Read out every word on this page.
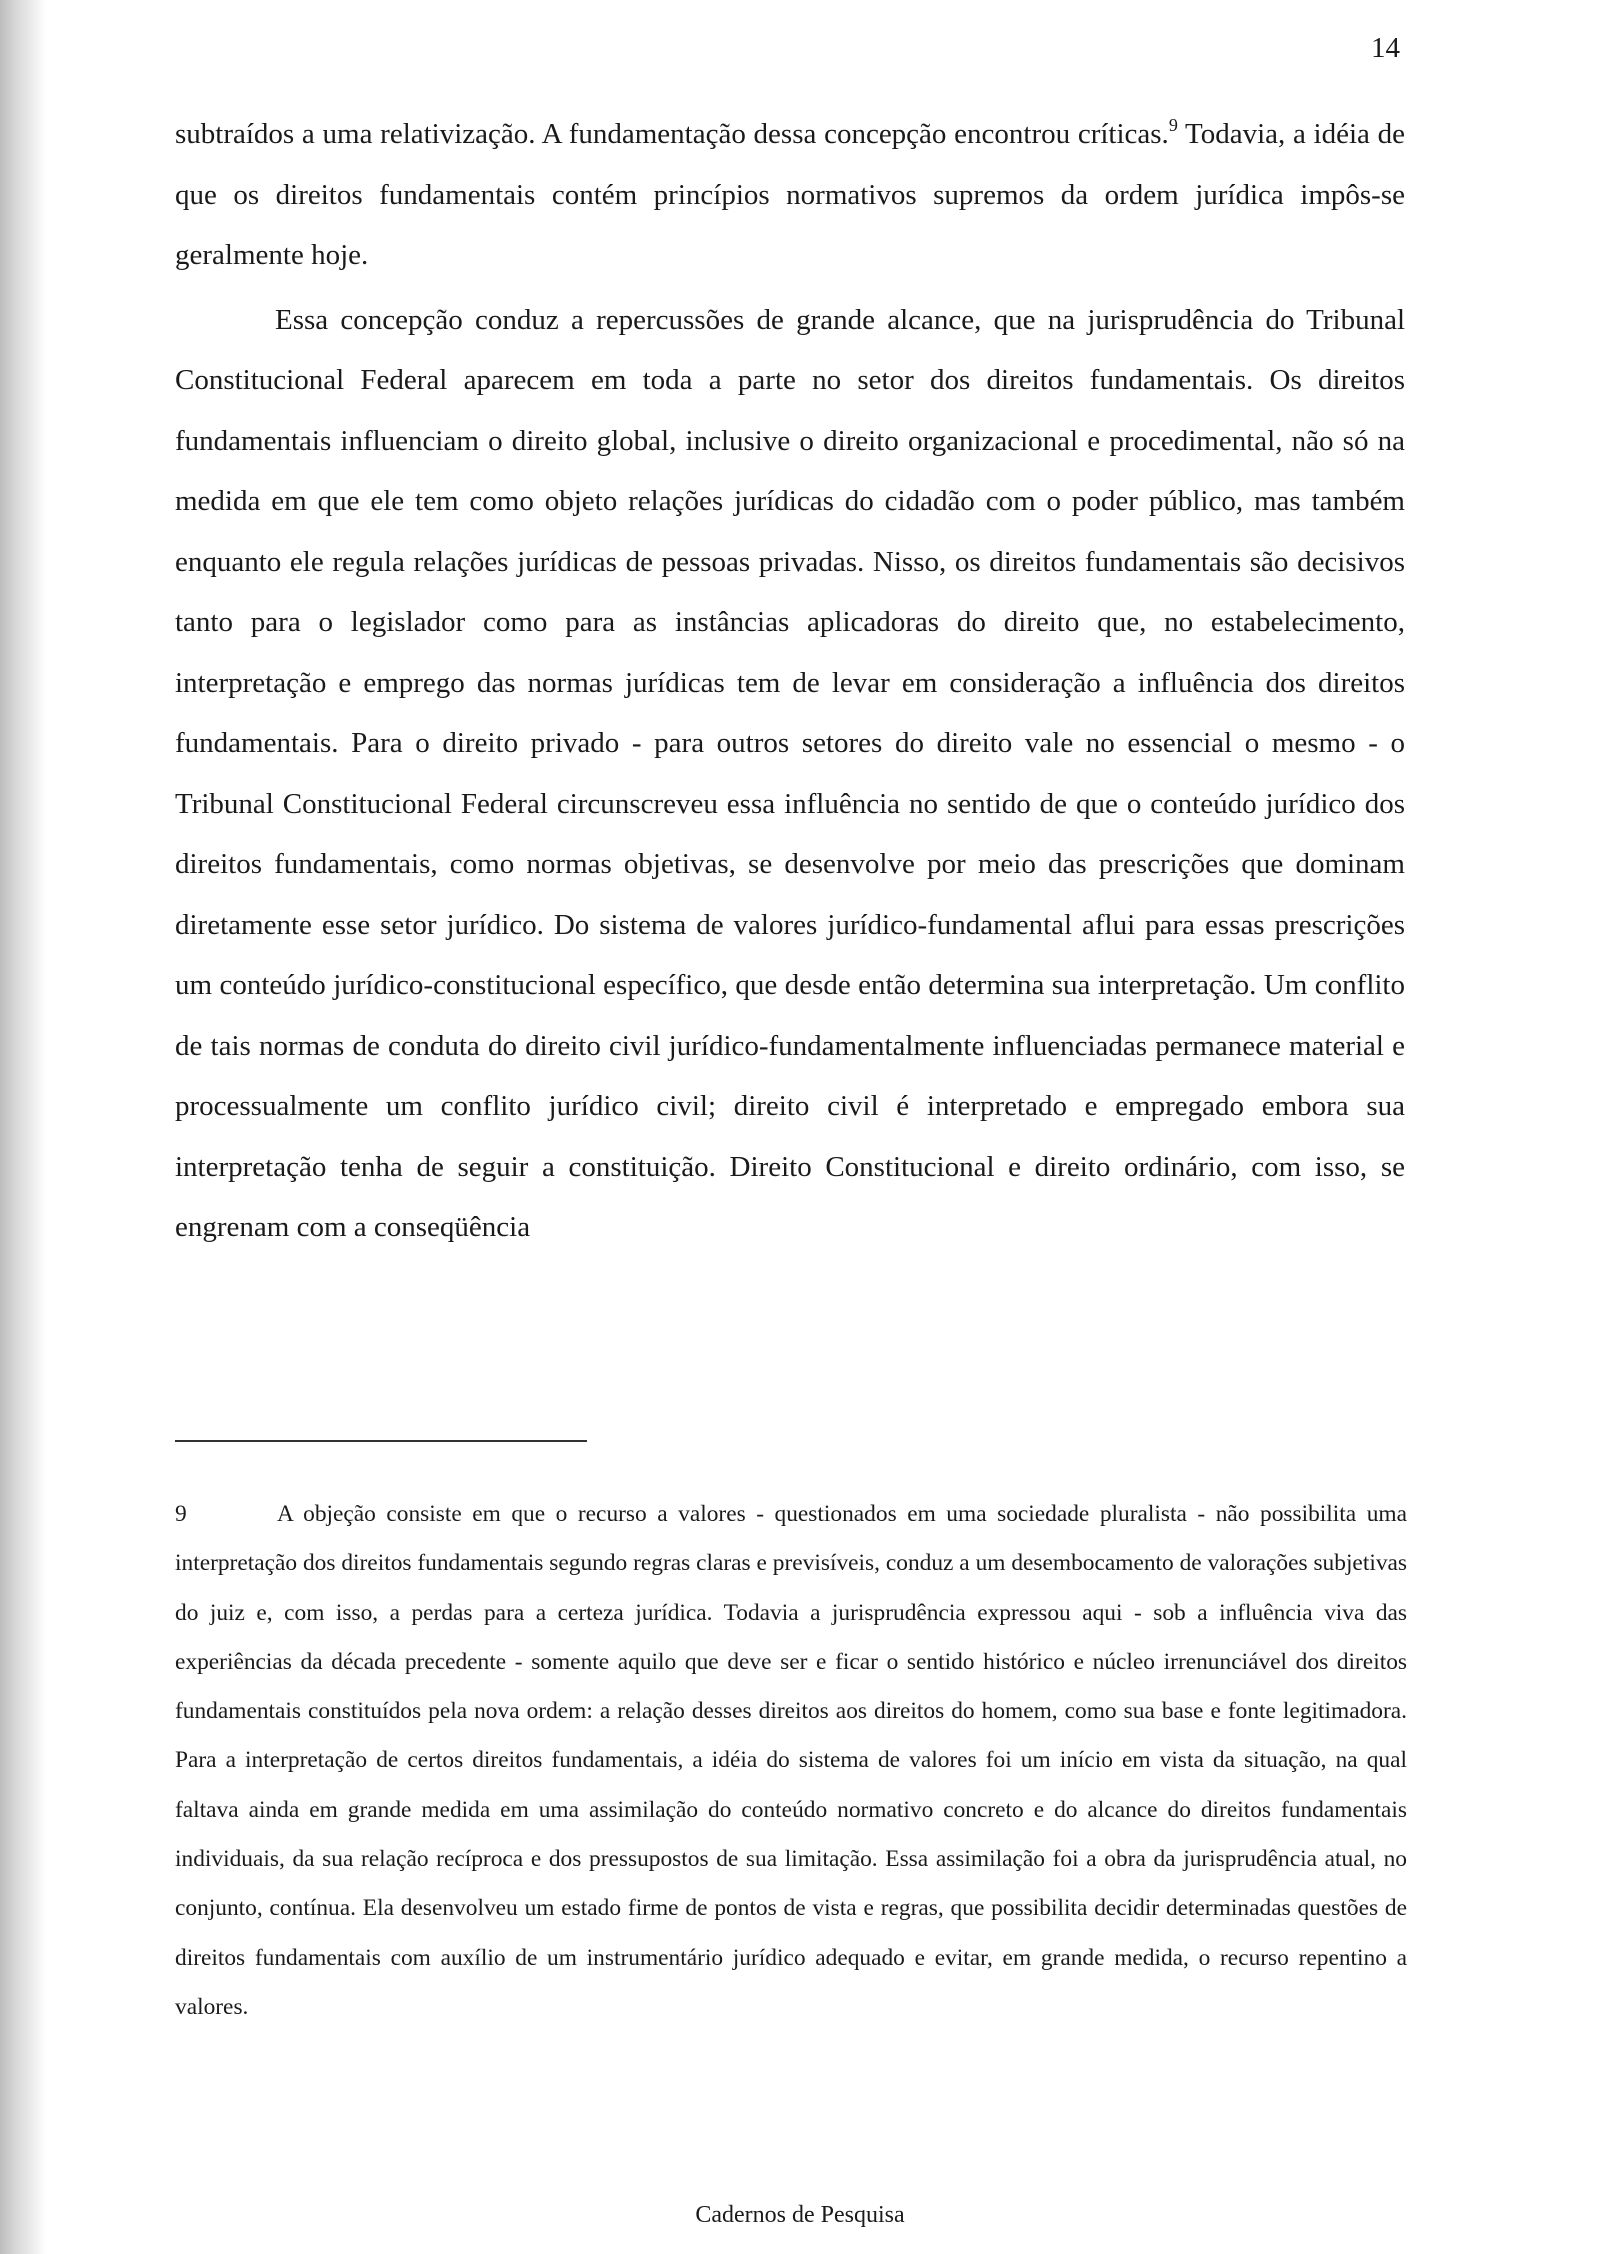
14

subtraídos a uma relativização. A fundamentação dessa concepção encontrou críticas.$^9$ Todavia, a idéia de que os direitos fundamentais contém princípios normativos supremos da ordem jurídica impôs-se geralmente hoje.

Essa concepção conduz a repercussões de grande alcance, que na jurisprudência do Tribunal Constitucional Federal aparecem em toda a parte no setor dos direitos fundamentais. Os direitos fundamentais influenciam o direito global, inclusive o direito organizacional e procedimental, não só na medida em que ele tem como objeto relações jurídicas do cidadão com o poder público, mas também enquanto ele regula relações jurídicas de pessoas privadas. Nisso, os direitos fundamentais são decisivos tanto para o legislador como para as instâncias aplicadoras do direito que, no estabelecimento, interpretação e emprego das normas jurídicas tem de levar em consideração a influência dos direitos fundamentais. Para o direito privado - para outros setores do direito vale no essencial o mesmo - o Tribunal Constitucional Federal circunscreveu essa influência no sentido de que o conteúdo jurídico dos direitos fundamentais, como normas objetivas, se desenvolve por meio das prescrições que dominam diretamente esse setor jurídico. Do sistema de valores jurídico-fundamental aflui para essas prescrições um conteúdo jurídico-constitucional específico, que desde então determina sua interpretação. Um conflito de tais normas de conduta do direito civil jurídico-fundamentalmente influenciadas permanece material e processualmente um conflito jurídico civil; direito civil é interpretado e empregado embora sua interpretação tenha de seguir a constituição. Direito Constitucional e direito ordinário, com isso, se engrenam com a conseqüência

9	A objeção consiste em que o recurso a valores - questionados em uma sociedade pluralista - não possibilita uma interpretação dos direitos fundamentais segundo regras claras e previsíveis, conduz a um desembocamento de valorações subjetivas do juiz e, com isso, a perdas para a certeza jurídica. Todavia a jurisprudência expressou aqui - sob a influência viva das experiências da década precedente - somente aquilo que deve ser e ficar o sentido histórico e núcleo irrenunciável dos direitos fundamentais constituídos pela nova ordem: a relação desses direitos aos direitos do homem, como sua base e fonte legitimadora. Para a interpretação de certos direitos fundamentais, a idéia do sistema de valores foi um início em vista da situação, na qual faltava ainda em grande medida em uma assimilação do conteúdo normativo concreto e do alcance do direitos fundamentais individuais, da sua relação recíproca e dos pressupostos de sua limitação. Essa assimilação foi a obra da jurisprudência atual, no conjunto, contínua. Ela desenvolveu um estado firme de pontos de vista e regras, que possibilita decidir determinadas questões de direitos fundamentais com auxílio de um instrumentário jurídico adequado e evitar, em grande medida, o recurso repentino a valores.

Cadernos de Pesquisa
